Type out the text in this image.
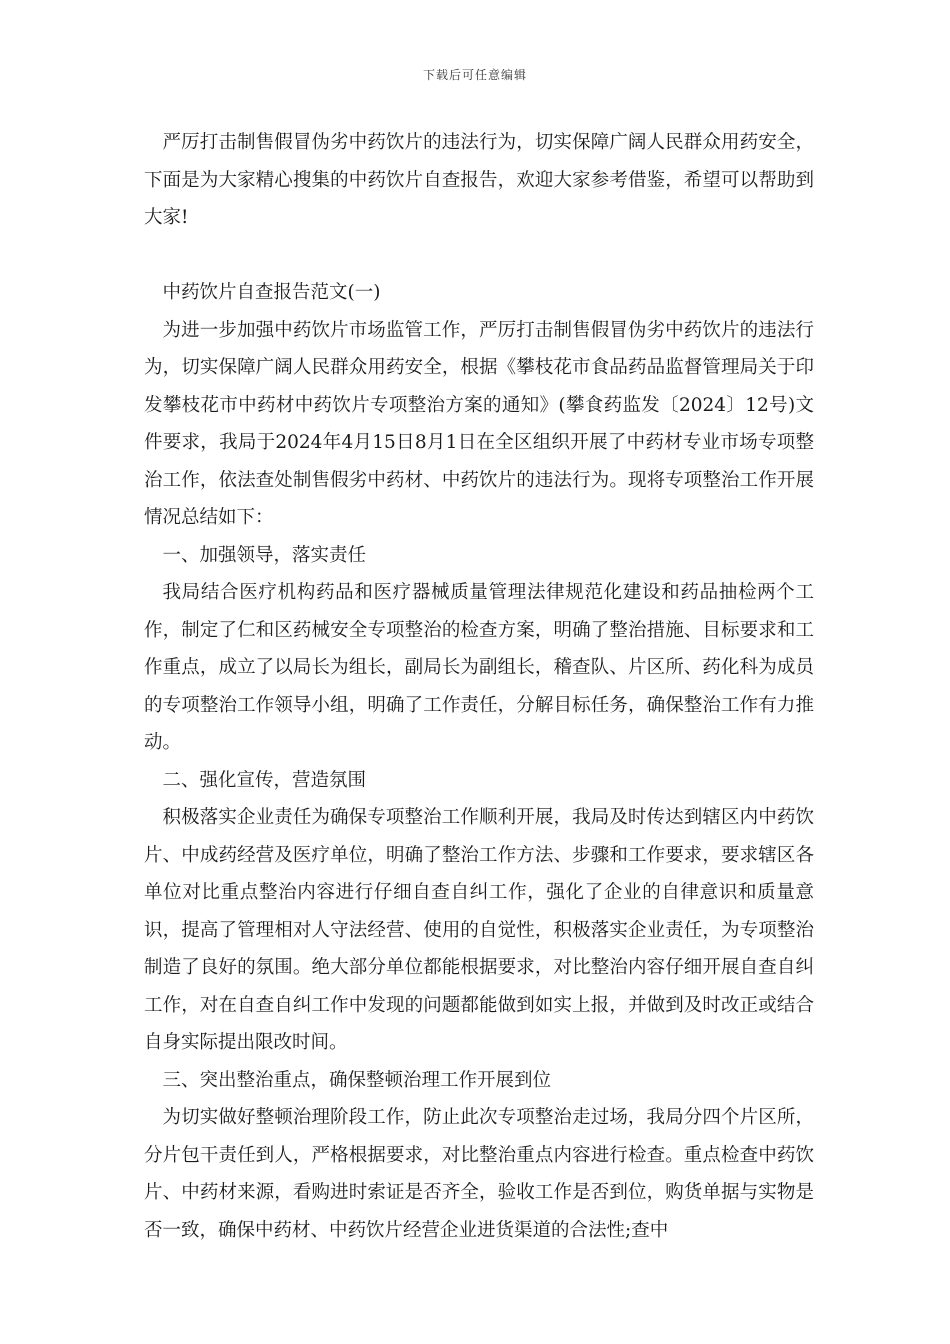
下载后可任意编辑

严厉打击制售假冒伪劣中药饮片的违法行为，切实保障广阔人民群众用药安全，下面是为大家精心搜集的中药饮片自查报告，欢迎大家参考借鉴，希望可以帮助到大家!

中药饮片自查报告范文(一)

为进一步加强中药饮片市场监管工作，严厉打击制售假冒伪劣中药饮片的违法行为，切实保障广阔人民群众用药安全，根据《攀枝花市食品药品监督管理局关于印发攀枝花市中药材中药饮片专项整治方案的通知》(攀食药监发〔2024〕12号)文件要求，我局于2024年4月15日8月1日在全区组织开展了中药材专业市场专项整治工作，依法查处制售假劣中药材、中药饮片的违法行为。现将专项整治工作开展情况总结如下：

一、加强领导，落实责任

我局结合医疗机构药品和医疗器械质量管理法律规范化建设和药品抽检两个工作，制定了仁和区药械安全专项整治的检查方案，明确了整治措施、目标要求和工作重点，成立了以局长为组长，副局长为副组长，稽查队、片区所、药化科为成员的专项整治工作领导小组，明确了工作责任，分解目标任务，确保整治工作有力推动。

二、强化宣传，营造氛围

积极落实企业责任为确保专项整治工作顺利开展，我局及时传达到辖区内中药饮片、中成药经营及医疗单位，明确了整治工作方法、步骤和工作要求，要求辖区各单位对比重点整治内容进行仔细自查自纠工作，强化了企业的自律意识和质量意识，提高了管理相对人守法经营、使用的自觉性，积极落实企业责任，为专项整治制造了良好的氛围。绝大部分单位都能根据要求，对比整治内容仔细开展自查自纠工作，对在自查自纠工作中发现的问题都能做到如实上报，并做到及时改正或结合自身实际提出限改时间。

三、突出整治重点，确保整顿治理工作开展到位

为切实做好整顿治理阶段工作，防止此次专项整治走过场，我局分四个片区所，分片包干责任到人，严格根据要求，对比整治重点内容进行检查。重点检查中药饮片、中药材来源，看购进时索证是否齐全，验收工作是否到位，购货单据与实物是否一致，确保中药材、中药饮片经营企业进货渠道的合法性;查中
